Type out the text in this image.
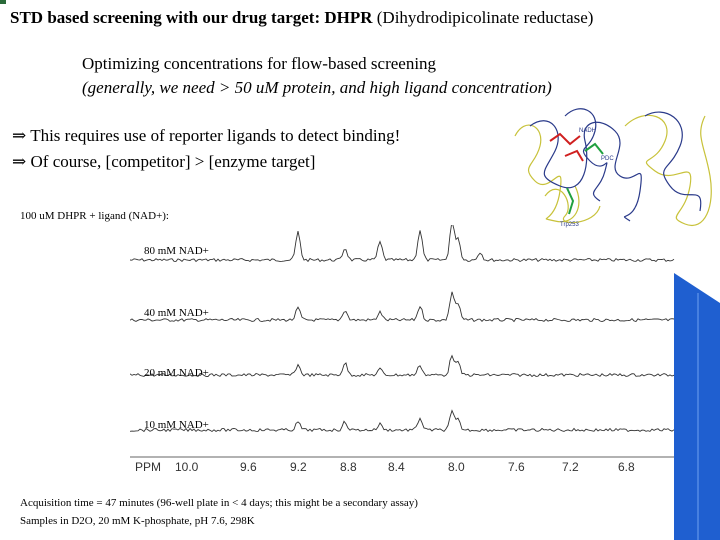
STD based screening with our drug target: DHPR (Dihydrodipicolinate reductase)
Optimizing concentrations for flow-based screening
(generally, we need > 50 uM protein, and high ligand concentration)
⇒ This requires use of reporter ligands to detect binding!
⇒ Of course, [competitor] > [enzyme target]
NADH
PDC
Trp253
100 uM DHPR + ligand (NAD+):
PPM 10.0	9.6	9.2	8.8	8.4	8.0	7.6	7.2	6.8
80 mM NAD+
40 mM NAD+
20 mM NAD+
10 mM NAD+
Acquisition time = 47 minutes (96-well plate in < 4 days; this might be a secondary assay)
Samples in D2O, 20 mM K-phosphate, pH 7.6, 298K
